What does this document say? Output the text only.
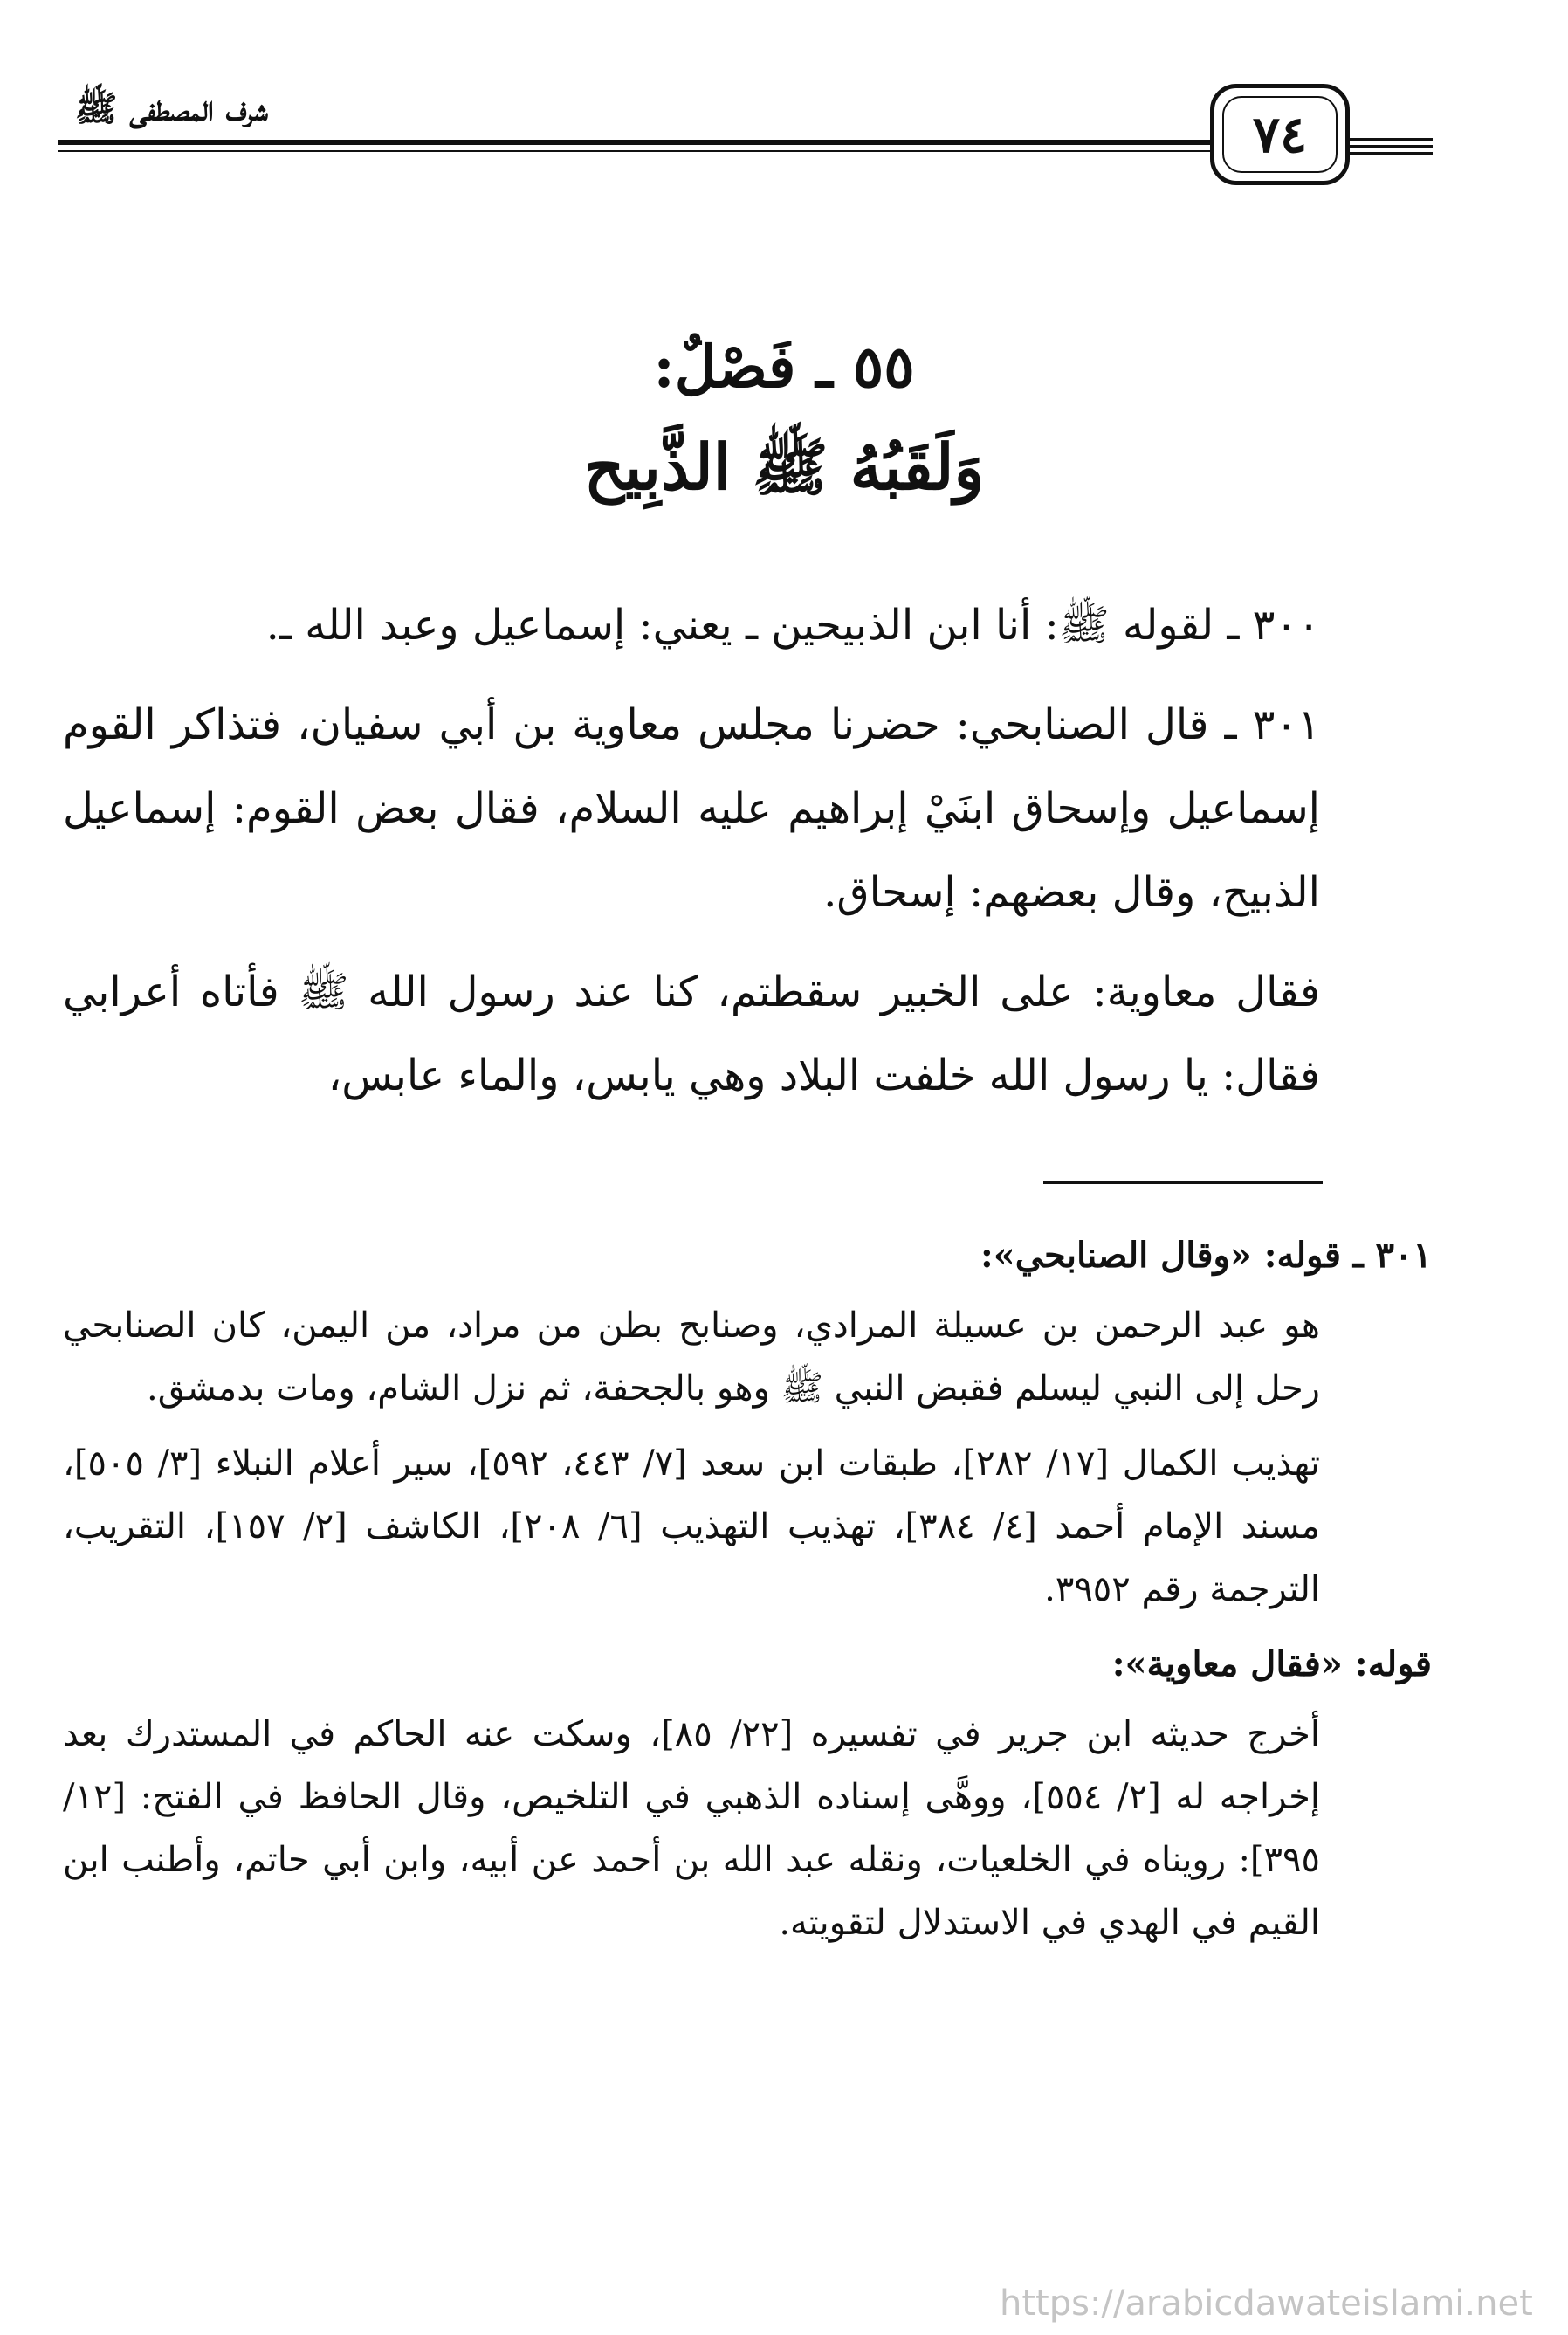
شرف المصطفى ﷺ	٧٤
٥٥ ـ فَصْلٌ:
وَلَقَبُهُ ﷺ الذَّبِيح

٣٠٠ ـ لقوله ﷺ: أنا ابن الذبيحين ـ يعني: إسماعيل وعبد الله ـ.

٣٠١ ـ قال الصنابحي: حضرنا مجلس معاوية بن أبي سفيان، فتذاكر القوم إسماعيل وإسحاق ابنَيْ إبراهيم عليه السلام، فقال بعض القوم: إسماعيل الذبيح، وقال بعضهم: إسحاق.

فقال معاوية: على الخبير سقطتم، كنا عند رسول الله ﷺ فأتاه أعرابي فقال: يا رسول الله خلفت البلاد وهي يابس، والماء عابس،

٣٠١ ـ قوله: «وقال الصنابحي»:
هو عبد الرحمن بن عسيلة المرادي، وصنابح بطن من مراد، من اليمن، كان الصنابحي رحل إلى النبي ليسلم فقبض النبي ﷺ وهو بالجحفة، ثم نزل الشام، ومات بدمشق.
تهذيب الكمال [١٧/ ٢٨٢]، طبقات ابن سعد [٧/ ٤٤٣، ٥٩٢]، سير أعلام النبلاء [٣/ ٥٠٥]، مسند الإمام أحمد [٤/ ٣٨٤]، تهذيب التهذيب [٦/ ٢٠٨]، الكاشف [٢/ ١٥٧]، التقريب، الترجمة رقم ٣٩٥٢.
قوله: «فقال معاوية»:
أخرج حديثه ابن جرير في تفسيره [٢٢/ ٨٥]، وسكت عنه الحاكم في المستدرك بعد إخراجه له [٢/ ٥٥٤]، ووهَّى إسناده الذهبي في التلخيص، وقال الحافظ في الفتح: [١٢/ ٣٩٥]: رويناه في الخلعيات، ونقله عبد الله بن أحمد عن أبيه، وابن أبي حاتم، وأطنب ابن القيم في الهدي في الاستدلال لتقويته.
https://arabicdawateislami.net
